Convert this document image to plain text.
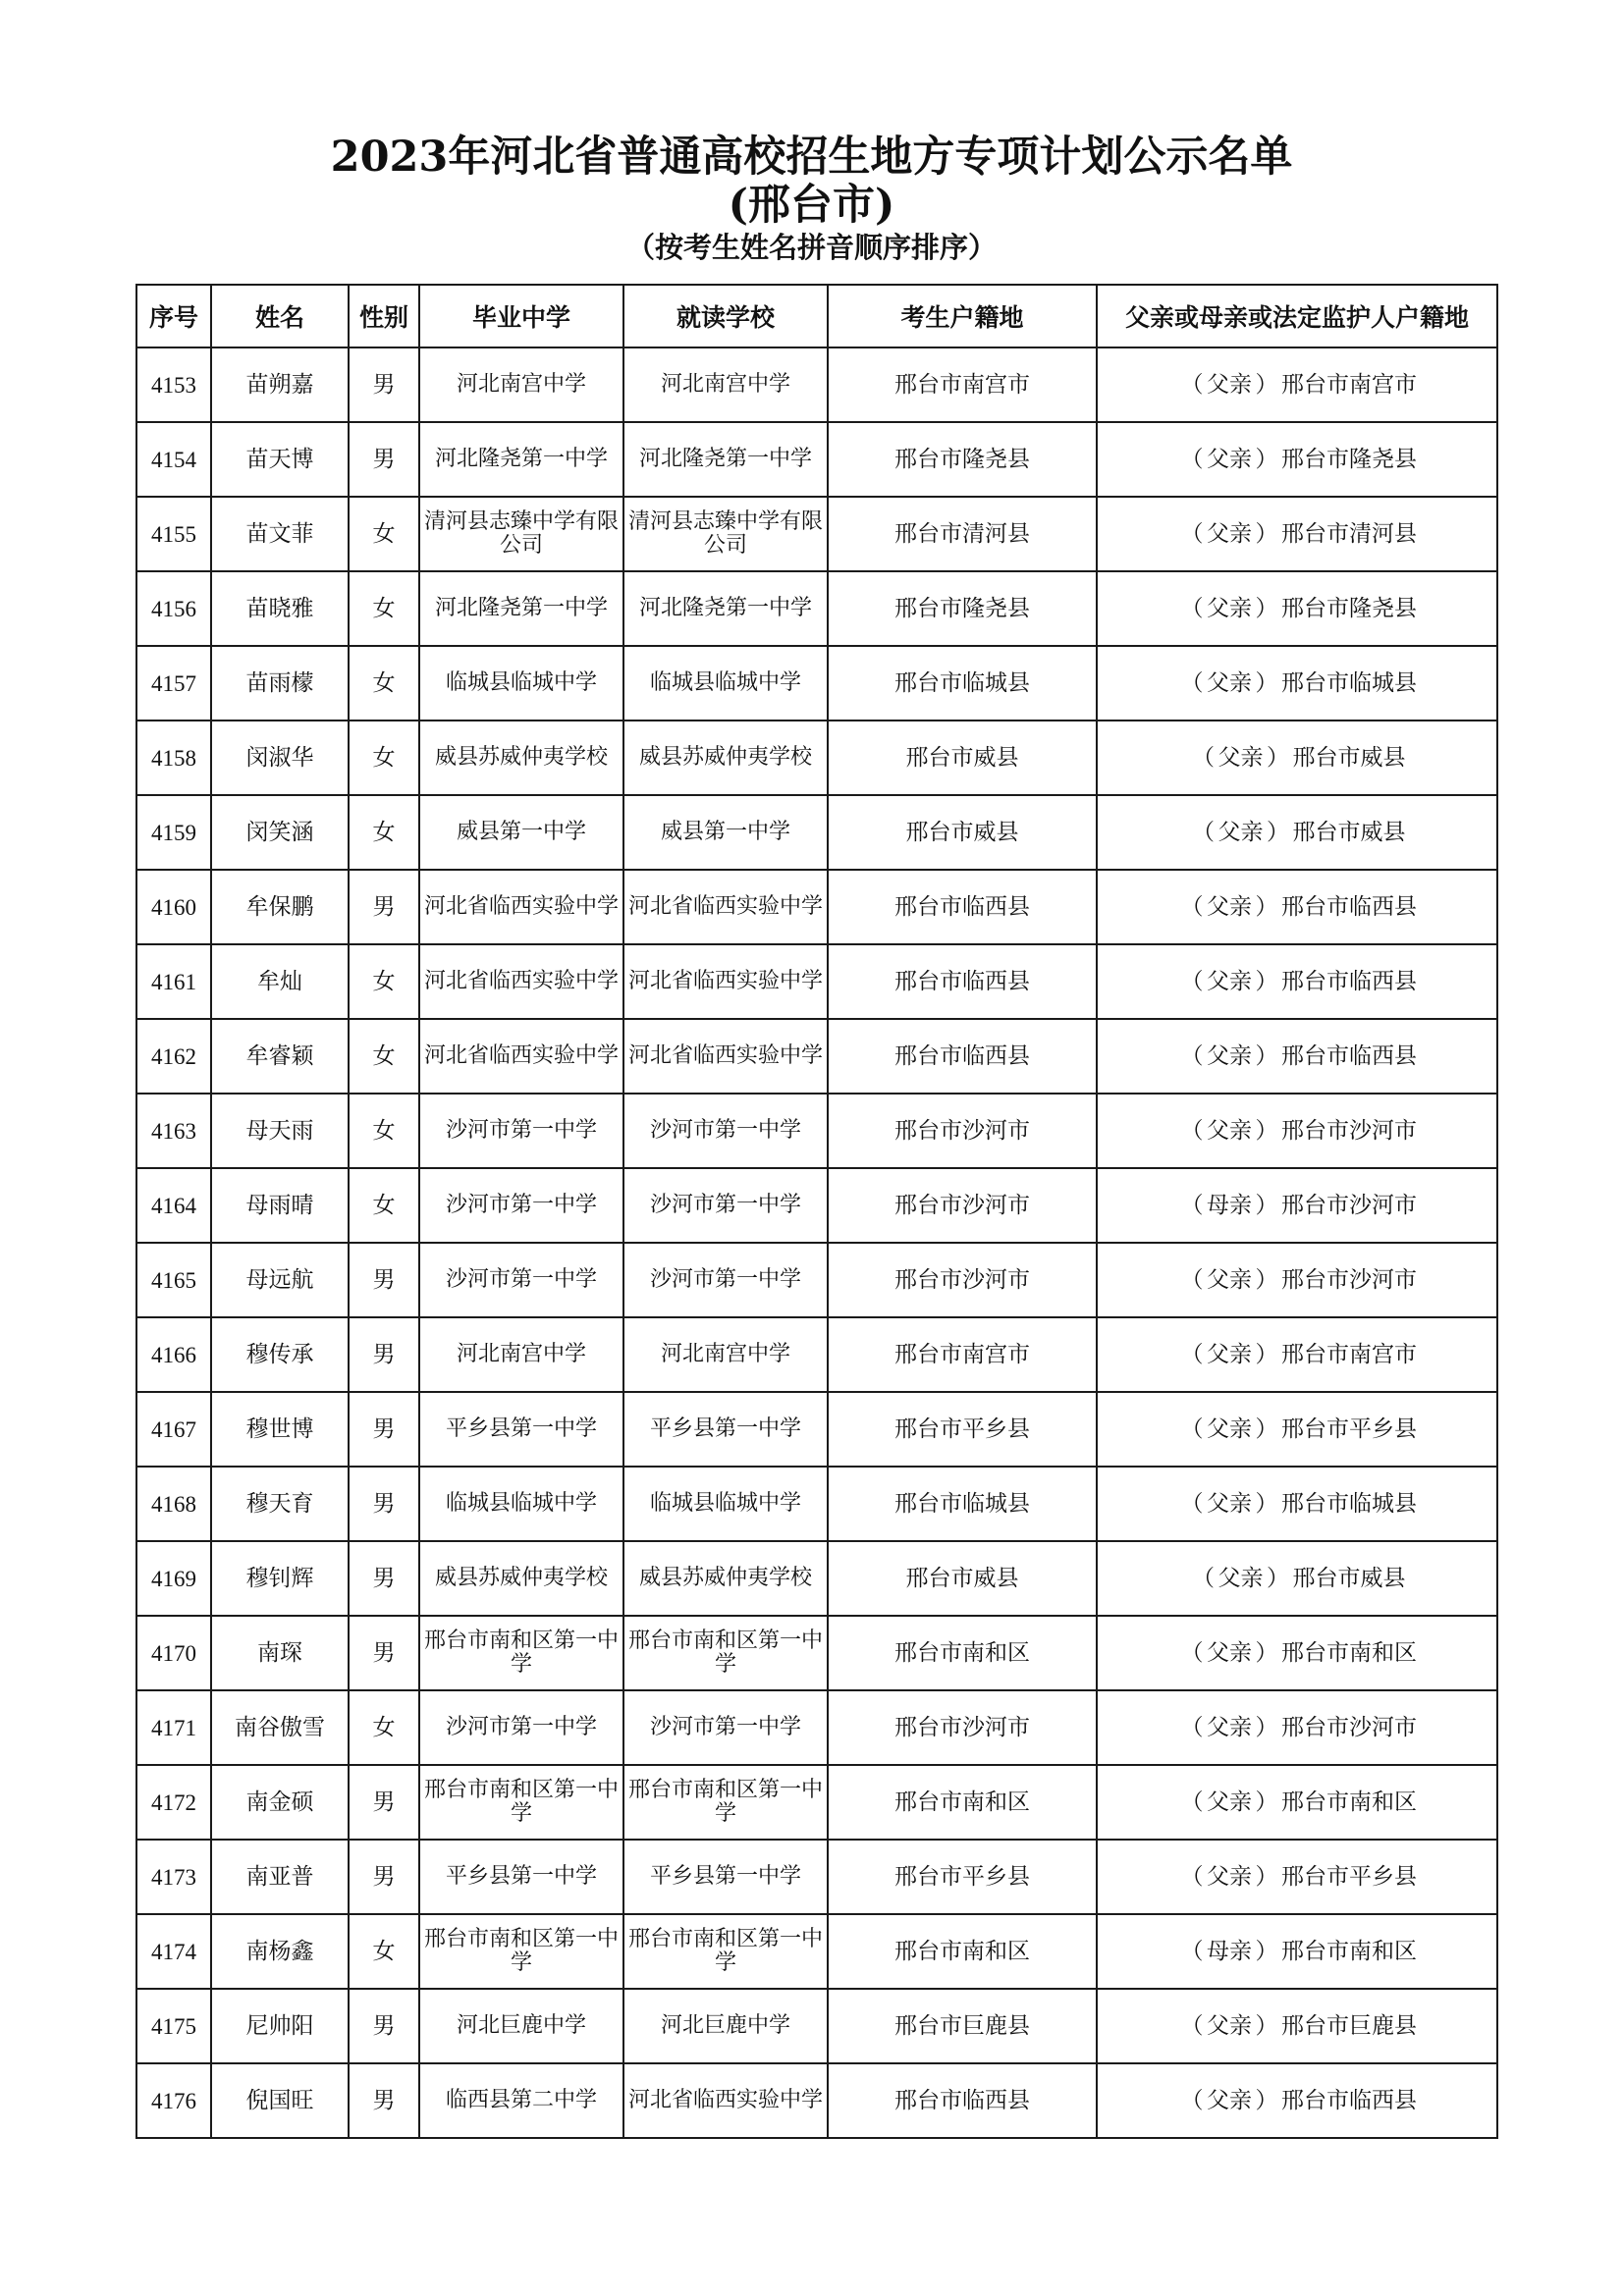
2023年河北省普通高校招生地方专项计划公示名单
(邢台市)
（按考生姓名拼音顺序排序）
序号	姓名	性别	毕业中学	就读学校	考生户籍地	父亲或母亲或法定监护人户籍地
4153	苗朔嘉	男	河北南宫中学	河北南宫中学	邢台市南宫市	（ 父亲 ） 邢台市南宫市
4154	苗天博	男	河北隆尧第一中学	河北隆尧第一中学	邢台市隆尧县	（ 父亲 ） 邢台市隆尧县
4155	苗文菲	女	清河县志臻中学有限公司	清河县志臻中学有限公司	邢台市清河县	（ 父亲 ） 邢台市清河县
4156	苗晓雅	女	河北隆尧第一中学	河北隆尧第一中学	邢台市隆尧县	（ 父亲 ） 邢台市隆尧县
4157	苗雨檬	女	临城县临城中学	临城县临城中学	邢台市临城县	（ 父亲 ） 邢台市临城县
4158	闵淑华	女	威县苏威仲夷学校	威县苏威仲夷学校	邢台市威县	（ 父亲 ） 邢台市威县
4159	闵笑涵	女	威县第一中学	威县第一中学	邢台市威县	（ 父亲 ） 邢台市威县
4160	牟保鹏	男	河北省临西实验中学	河北省临西实验中学	邢台市临西县	（ 父亲 ） 邢台市临西县
4161	牟灿	女	河北省临西实验中学	河北省临西实验中学	邢台市临西县	（ 父亲 ） 邢台市临西县
4162	牟睿颖	女	河北省临西实验中学	河北省临西实验中学	邢台市临西县	（ 父亲 ） 邢台市临西县
4163	母天雨	女	沙河市第一中学	沙河市第一中学	邢台市沙河市	（ 父亲 ） 邢台市沙河市
4164	母雨晴	女	沙河市第一中学	沙河市第一中学	邢台市沙河市	（ 母亲 ） 邢台市沙河市
4165	母远航	男	沙河市第一中学	沙河市第一中学	邢台市沙河市	（ 父亲 ） 邢台市沙河市
4166	穆传承	男	河北南宫中学	河北南宫中学	邢台市南宫市	（ 父亲 ） 邢台市南宫市
4167	穆世博	男	平乡县第一中学	平乡县第一中学	邢台市平乡县	（ 父亲 ） 邢台市平乡县
4168	穆天育	男	临城县临城中学	临城县临城中学	邢台市临城县	（ 父亲 ） 邢台市临城县
4169	穆钊辉	男	威县苏威仲夷学校	威县苏威仲夷学校	邢台市威县	（ 父亲 ） 邢台市威县
4170	南琛	男	邢台市南和区第一中学	邢台市南和区第一中学	邢台市南和区	（ 父亲 ） 邢台市南和区
4171	南谷傲雪	女	沙河市第一中学	沙河市第一中学	邢台市沙河市	（ 父亲 ） 邢台市沙河市
4172	南金硕	男	邢台市南和区第一中学	邢台市南和区第一中学	邢台市南和区	（ 父亲 ） 邢台市南和区
4173	南亚普	男	平乡县第一中学	平乡县第一中学	邢台市平乡县	（ 父亲 ） 邢台市平乡县
4174	南杨鑫	女	邢台市南和区第一中学	邢台市南和区第一中学	邢台市南和区	（ 母亲 ） 邢台市南和区
4175	尼帅阳	男	河北巨鹿中学	河北巨鹿中学	邢台市巨鹿县	（ 父亲 ） 邢台市巨鹿县
4176	倪国旺	男	临西县第二中学	河北省临西实验中学	邢台市临西县	（ 父亲 ） 邢台市临西县
